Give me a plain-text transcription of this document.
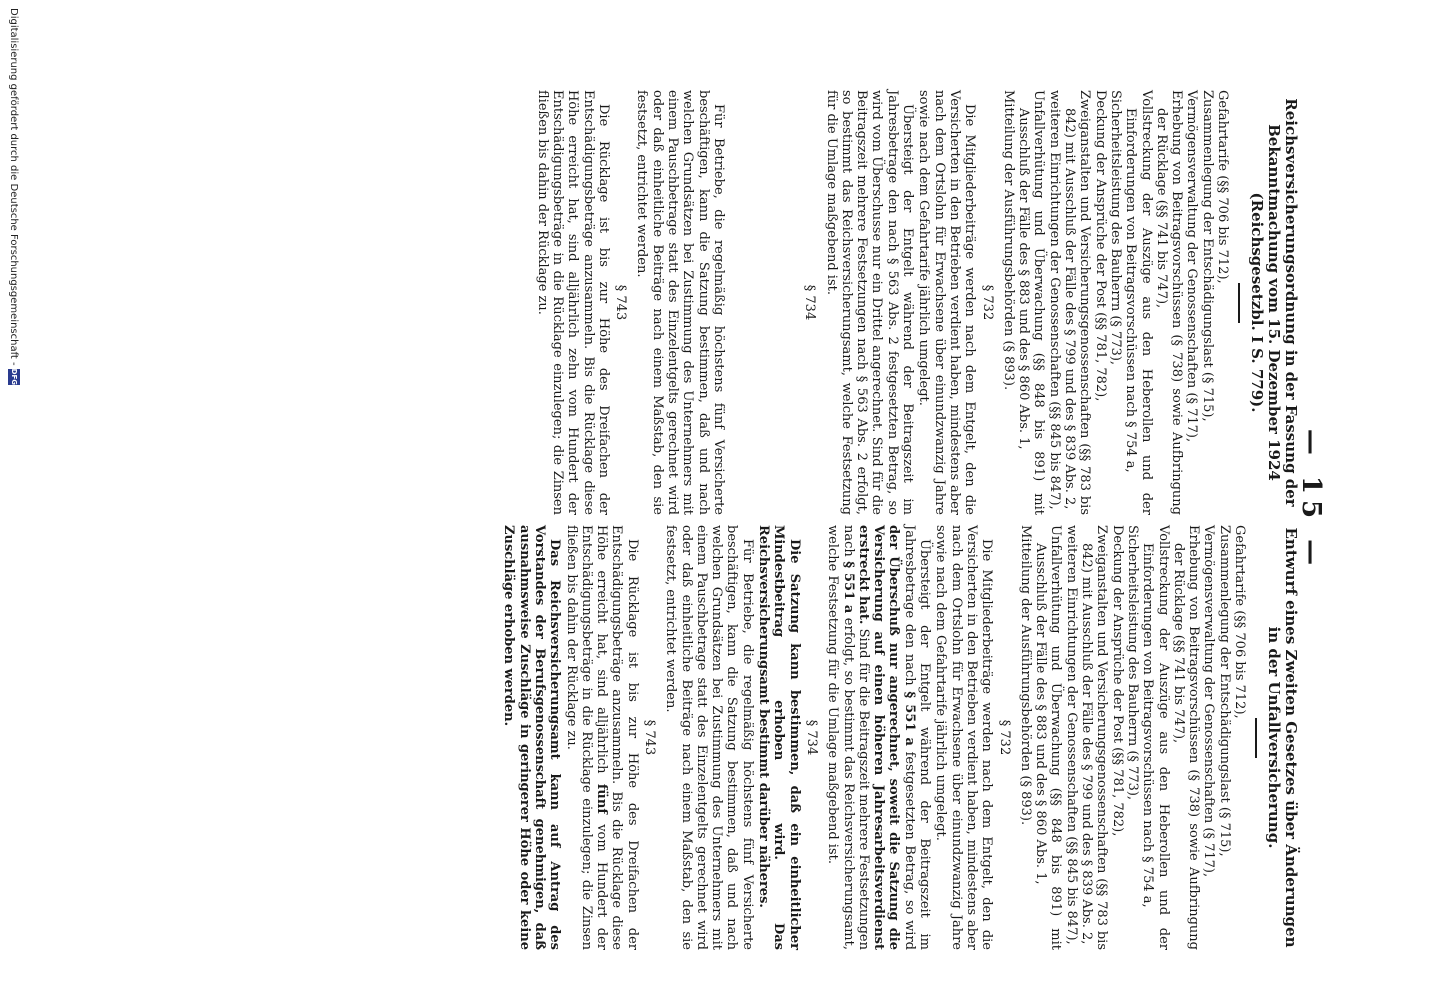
— 15 —
Reichsversicherungsordnung in der Fassung der Bekanntmachung vom 15. Dezember 1924 (Reichsgesetzbl. I S. 779).

Gefahrtarife (§§ 706 bis 712),

Zusammenlegung der Entschädigungslast (§ 715),

Vermögensverwaltung der Genossenschaften (§ 717),

Erhebung von Beitragsvorschüssen (§ 738) sowie Aufbringung der Rücklage (§§ 741 bis 747),

Vollstreckung der Auszüge aus den Heberollen und der Einforderungen von Beitragsvorschüssen nach § 754 a,

Sicherheitsleistung des Bauherrn (§ 773),

Deckung der Ansprüche der Post (§§ 781, 782),

Zweiganstalten und Versicherungsgenossenschaften (§§ 783 bis 842) mit Ausschluß der Fälle des § 799 und des § 839 Abs. 2,

weiteren Einrichtungen der Genossenschaften (§§ 845 bis 847),

Unfallverhütung und Überwachung (§§ 848 bis 891) mit Ausschluß der Fälle des § 883 und des § 860 Abs. 1,

Mitteilung der Ausführungsbehörden (§ 893).

§ 732

Die Mitgliederbeiträge werden nach dem Entgelt, den die Versicherten in den Betrieben verdient haben, mindestens aber nach dem Ortslohn für Erwachsene über einundzwanzig Jahre sowie nach dem Gefahrtarife jährlich umgelegt.

Übersteigt der Entgelt während der Beitragszeit im Jahresbetrage den nach § 563 Abs. 2 festgesetzten Betrag, so wird vom Überschusse nur ein Drittel angerechnet. Sind für die Beitragszeit mehrere Festsetzungen nach § 563 Abs. 2 erfolgt, so bestimmt das Reichsversicherungsamt, welche Festsetzung für die Umlage maßgebend ist.

§ 734

Für Betriebe, die regelmäßig höchstens fünf Versicherte beschäftigen, kann die Satzung bestimmen, daß und nach welchen Grundsätzen bei Zustimmung des Unternehmers mit einem Pauschbetrage statt des Einzelentgelts gerechnet wird oder daß einheitliche Beiträge nach einem Maßstab, den sie festsetzt, entrichtet werden.

§ 743

Die Rücklage ist bis zur Höhe des Dreifachen der Entschädigungsbeträge anzusammeln. Bis die Rücklage diese Höhe erreicht hat, sind alljährlich zehn vom Hundert der Entschädigungsbeträge in die Rücklage einzulegen; die Zinsen fließen bis dahin der Rücklage zu.

Entwurf eines Zweiten Gesetzes über Änderungen in der Unfallversicherung.

Gefahrtarife (§§ 706 bis 712),

Zusammenlegung der Entschädigungslast (§ 715),

Vermögensverwaltung der Genossenschaften (§ 717),

Erhebung von Beitragsvorschüssen (§ 738) sowie Aufbringung der Rücklage (§§ 741 bis 747),

Vollstreckung der Auszüge aus den Heberollen und der Einforderungen von Beitragsvorschüssen nach § 754 a,

Sicherheitsleistung des Bauherrn (§ 773),

Deckung der Ansprüche der Post (§§ 781, 782),

Zweiganstalten und Versicherungsgenossenschaften (§§ 783 bis 842) mit Ausschluß der Fälle des § 799 und des § 839 Abs. 2,

weiteren Einrichtungen der Genossenschaften (§§ 845 bis 847),

Unfallverhütung und Überwachung (§§ 848 bis 891) mit Ausschluß der Fälle des § 883 und des § 860 Abs. 1,

Mitteilung der Ausführungsbehörden (§ 893).

§ 732

Die Mitgliederbeiträge werden nach dem Entgelt, den die Versicherten in den Betrieben verdient haben, mindestens aber nach dem Ortslohn für Erwachsene über einundzwanzig Jahre sowie nach dem Gefahrtarife jährlich umgelegt.

Übersteigt der Entgelt während der Beitragszeit im Jahresbetrage den nach § 551 a festgesetzten Betrag, so wird der Überschuß nur angerechnet, soweit die Satzung die Versicherung auf einen höheren Jahresarbeitsverdienst erstreckt hat. Sind für die Beitragszeit mehrere Festsetzungen nach § 551 a erfolgt, so bestimmt das Reichsversicherungsamt, welche Festsetzung für die Umlage maßgebend ist.

§ 734

Die Satzung kann bestimmen, daß ein einheitlicher Mindestbeitrag erhoben wird. Das Reichsversicherungsamt bestimmt darüber näheres.

Für Betriebe, die regelmäßig höchstens fünf Versicherte beschäftigen, kann die Satzung bestimmen, daß und nach welchen Grundsätzen bei Zustimmung des Unternehmers mit einem Pauschbetrage statt des Einzelentgelts gerechnet wird oder daß einheitliche Beiträge nach einem Maßstab, den sie festsetzt, entrichtet werden.

§ 743

Die Rücklage ist bis zur Höhe des Dreifachen der Entschädigungsbeträge anzusammeln. Bis die Rücklage diese Höhe erreicht hat, sind alljährlich fünf vom Hundert der Entschädigungsbeträge in die Rücklage einzulegen; die Zinsen fließen bis dahin der Rücklage zu.

Das Reichsversicherungsamt kann auf Antrag des Vorstandes der Berufsgenossenschaft genehmigen, daß ausnahmsweise Zuschläge in geringerer Höhe oder keine Zuschläge erhoben werden.

Digitalisierung gefördert durch die Deutsche Forschungsgemeinschaft -
DFG
